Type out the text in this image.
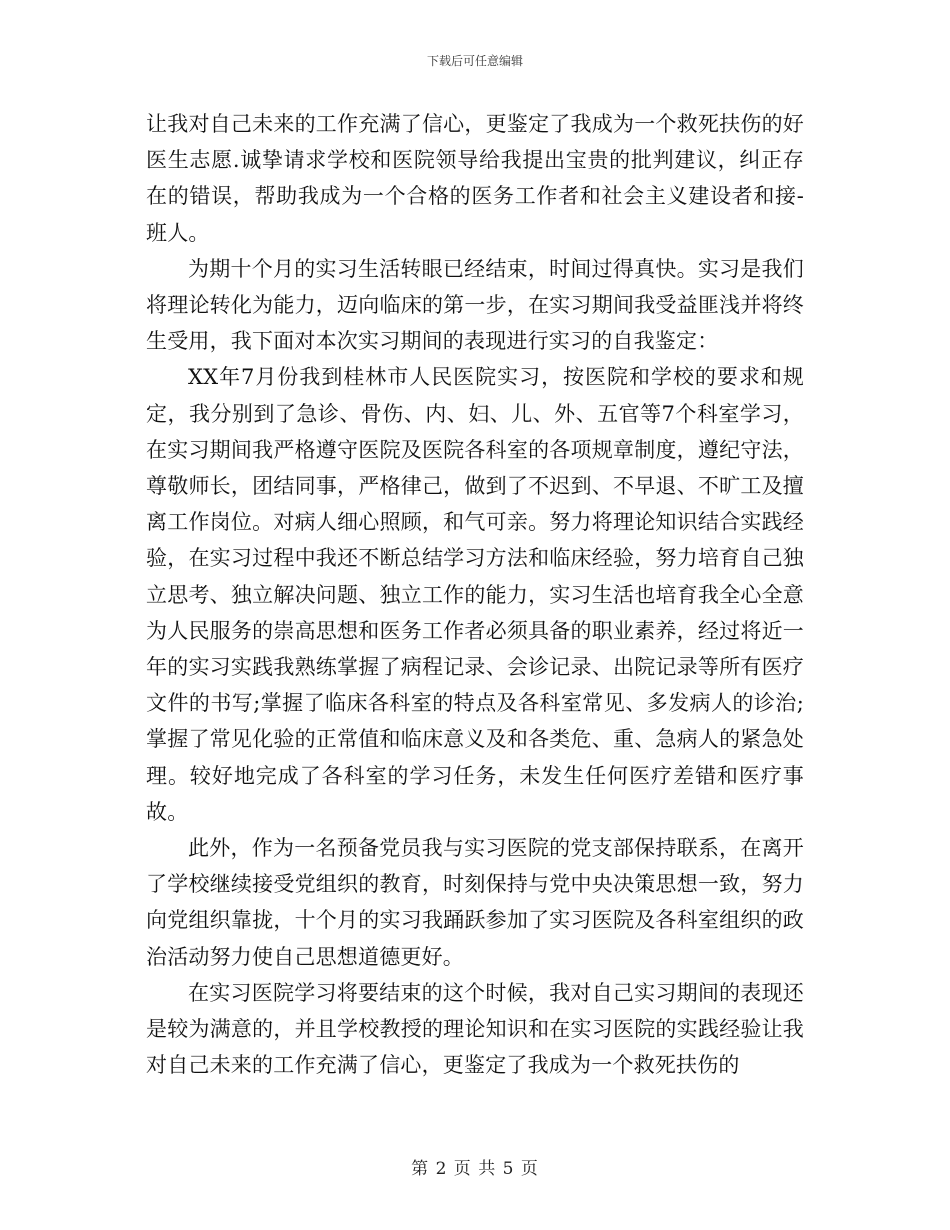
下载后可任意编辑

让我对自己未来的工作充满了信心，更鉴定了我成为一个救死扶伤的好医生志愿.诚挚请求学校和医院领导给我提出宝贵的批判建议，纠正存在的错误，帮助我成为一个合格的医务工作者和社会主义建设者和接-班人。

为期十个月的实习生活转眼已经结束，时间过得真快。实习是我们将理论转化为能力，迈向临床的第一步，在实习期间我受益匪浅并将终生受用，我下面对本次实习期间的表现进行实习的自我鉴定：

XX年7月份我到桂林市人民医院实习，按医院和学校的要求和规定，我分别到了急诊、骨伤、内、妇、儿、外、五官等7个科室学习，在实习期间我严格遵守医院及医院各科室的各项规章制度，遵纪守法，尊敬师长，团结同事，严格律己，做到了不迟到、不早退、不旷工及擅离工作岗位。对病人细心照顾，和气可亲。努力将理论知识结合实践经验，在实习过程中我还不断总结学习方法和临床经验，努力培育自己独立思考、独立解决问题、独立工作的能力，实习生活也培育我全心全意为人民服务的崇高思想和医务工作者必须具备的职业素养，经过将近一年的实习实践我熟练掌握了病程记录、会诊记录、出院记录等所有医疗文件的书写;掌握了临床各科室的特点及各科室常见、多发病人的诊治;掌握了常见化验的正常值和临床意义及和各类危、重、急病人的紧急处理。较好地完成了各科室的学习任务，未发生任何医疗差错和医疗事故。

此外，作为一名预备党员我与实习医院的党支部保持联系，在离开了学校继续接受党组织的教育，时刻保持与党中央决策思想一致，努力向党组织靠拢，十个月的实习我踊跃参加了实习医院及各科室组织的政治活动努力使自己思想道德更好。

在实习医院学习将要结束的这个时候，我对自己实习期间的表现还是较为满意的，并且学校教授的理论知识和在实习医院的实践经验让我对自己未来的工作充满了信心，更鉴定了我成为一个救死扶伤的

第 2 页 共 5 页
